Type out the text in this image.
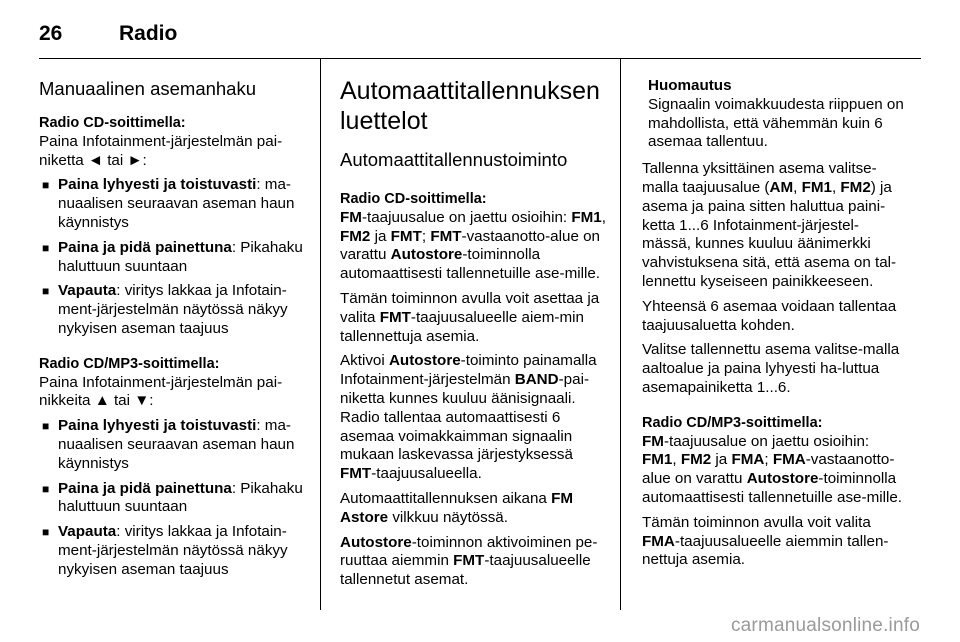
26	Radio
Manuaalinen asemanhaku

Radio CD-soittimella:

Paina Infotainment-järjestelmän pai-niketta ◄ tai ►:

■ Paina lyhyesti ja toistuvasti: ma-nuaalisen seuraavan aseman haun käynnistys
■ Paina ja pidä painettuna: Pikahaku haluttuun suuntaan
■ Vapauta: viritys lakkaa ja Infotain-ment-järjestelmän näytössä näkyy nykyisen aseman taajuus

Radio CD/MP3-soittimella:

Paina Infotainment-järjestelmän pai-nikkeita ▲ tai ▼:

■ Paina lyhyesti ja toistuvasti: ma-nuaalisen seuraavan aseman haun käynnistys
■ Paina ja pidä painettuna: Pikahaku haluttuun suuntaan
■ Vapauta: viritys lakkaa ja Infotain-ment-järjestelmän näytössä näkyy nykyisen aseman taajuus
Automaattitallennuksen luettelot
Automaattitallennustoiminto

Radio CD-soittimella:

FM-taajuusalue on jaettu osioihin: FM1, FM2 ja FMT; FMT-vastaanotto-alue on varattu Autostore-toiminnolla automaattisesti tallennetuille ase-mille.

Tämän toiminnon avulla voit asettaa ja valita FMT-taajuusalueelle aiem-min tallennettuja asemia.

Aktivoi Autostore-toiminto painamalla Infotainment-järjestelmän BAND-pai-niketta kunnes kuuluu äänisignaali. Radio tallentaa automaattisesti 6 asemaa voimakkaimman signaalin mukaan laskevassa järjestyksessä FMT-taajuusalueella.

Automaattitallennuksen aikana FM Astore vilkkuu näytössä.

Autostore-toiminnon aktivoiminen pe-ruuttaa aiemmin FMT-taajuusalueelle tallennetut asemat.

Huomautus
Signaalin voimakkuudesta riippuen on mahdollista, että vähemmän kuin 6 asemaa tallentuu.

Tallenna yksittäinen asema valitse-malla taajuusalue (AM, FM1, FM2) ja asema ja paina sitten haluttua paini-ketta 1...6 Infotainment-järjestel-mässä, kunnes kuuluu äänimerkki vahvistuksena sitä, että asema on tal-lennettu kyseiseen painikkeeseen.

Yhteensä 6 asemaa voidaan tallentaa taajuusaluetta kohden.

Valitse tallennettu asema valitse-malla aaltoalue ja paina lyhyesti ha-luttua asemapainiketta 1...6.

Radio CD/MP3-soittimella:

FM-taajuusalue on jaettu osioihin: FM1, FM2 ja FMA; FMA-vastaanotto-alue on varattu Autostore-toiminnolla automaattisesti tallennetuille ase-mille.

Tämän toiminnon avulla voit valita FMA-taajuusalueelle aiemmin tallen-nettuja asemia.

carmanualsonline.info
